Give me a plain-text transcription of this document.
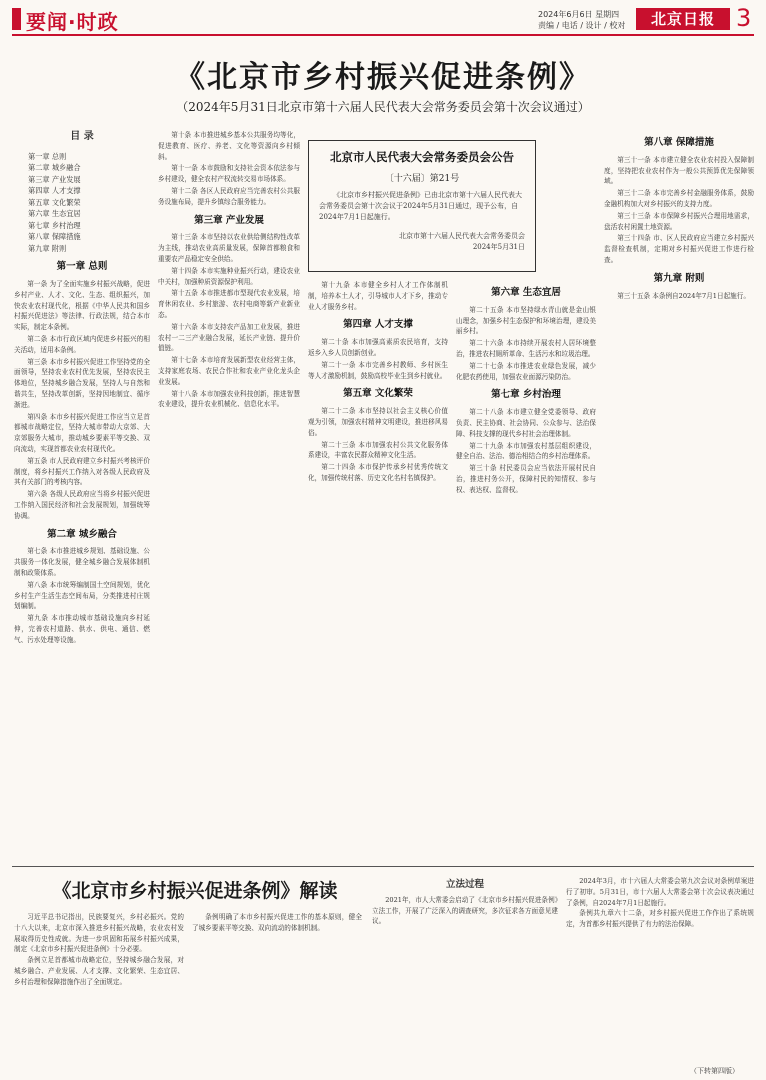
要闻·时政	2024年6月6日 星期四
责编 / 电话 / 设计 / 校对	北京日报 3
《北京市乡村振兴促进条例》
（2024年5月31日北京市第十六届人民代表大会常务委员会第十次会议通过）
目 录
第一章 总则
第二章 城乡融合
第三章 产业发展
第四章 人才支撑
第五章 文化繁荣
第六章 生态宜居
第七章 乡村治理
第八章 保障措施
第九章 附则
第一章 总则

第一条 为了全面实施乡村振兴战略，促进乡村产业、人才、文化、生态、组织振兴，加快农业农村现代化，根据《中华人民共和国乡村振兴促进法》等法律、行政法规，结合本市实际，制定本条例。

第二条 本市行政区域内促进乡村振兴的相关活动，适用本条例。

第三条 本市乡村振兴促进工作坚持党的全面领导，坚持农业农村优先发展，坚持农民主体地位，坚持城乡融合发展，坚持人与自然和谐共生，坚持改革创新，坚持因地制宜、循序渐进。

第四条 本市乡村振兴促进工作应当立足首都城市战略定位，坚持大城市带动大京郊、大京郊服务大城市，推动城乡要素平等交换、双向流动，实现首都农业农村现代化。

第五条 市人民政府建立乡村振兴考核评价制度，将乡村振兴工作纳入对各级人民政府及其有关部门的考核内容。

第六条 各级人民政府应当将乡村振兴促进工作纳入国民经济和社会发展规划，加强统筹协调。

第二章 城乡融合

第七条 本市推进城乡规划、基础设施、公共服务一体化发展，健全城乡融合发展体制机制和政策体系。

第八条 本市统筹编制国土空间规划，优化乡村生产生活生态空间布局，分类推进村庄规划编制。

第九条 本市推动城市基础设施向乡村延伸，完善农村道路、供水、供电、通信、燃气、污水处理等设施。

第十条 本市推进城乡基本公共服务均等化，促进教育、医疗、养老、文化等资源向乡村倾斜。

第十一条 本市鼓励和支持社会资本依法参与乡村建设，健全农村产权流转交易市场体系。

第十二条 各区人民政府应当完善农村公共服务设施布局，提升乡镇综合服务能力。

第三章 产业发展

第十三条 本市坚持以农业供给侧结构性改革为主线，推动农业高质量发展，保障首都粮食和重要农产品稳定安全供给。

第十四条 本市实施种业振兴行动，建设农业中关村，加强种质资源保护利用。

第十五条 本市推进都市型现代农业发展，培育休闲农业、乡村旅游、农村电商等新产业新业态。

第十六条 本市支持农产品加工业发展，推进农村一二三产业融合发展，延长产业链、提升价值链。

第十七条 本市培育发展新型农业经营主体，支持家庭农场、农民合作社和农业产业化龙头企业发展。

第十八条 本市加强农业科技创新，推进智慧农业建设，提升农业机械化、信息化水平。

北京市人民代表大会常务委员会公告
〔十六届〕第21号
《北京市乡村振兴促进条例》已由北京市第十六届人民代表大会常务委员会第十次会议于2024年5月31日通过，现予公布，自2024年7月1日起施行。
北京市第十六届人民代表大会常务委员会
2024年5月31日

第十九条 本市健全乡村人才工作体制机制，培养本土人才，引导城市人才下乡，推动专业人才服务乡村。

第四章 人才支撑

第二十条 本市加强高素质农民培育，支持返乡入乡人员创新创业。

第二十一条 本市完善乡村教师、乡村医生等人才激励机制，鼓励高校毕业生到乡村就业。

第五章 文化繁荣

第二十二条 本市坚持以社会主义核心价值观为引领，加强农村精神文明建设，推进移风易俗。

第二十三条 本市加强农村公共文化服务体系建设，丰富农民群众精神文化生活。

第二十四条 本市保护传承乡村优秀传统文化，加强传统村落、历史文化名村名镇保护。

第六章 生态宜居

第二十五条 本市坚持绿水青山就是金山银山理念，加强乡村生态保护和环境治理，建设美丽乡村。

第二十六条 本市持续开展农村人居环境整治，推进农村厕所革命、生活污水和垃圾治理。

第二十七条 本市推进农业绿色发展，减少化肥农药使用，加强农业面源污染防治。

第七章 乡村治理

第二十八条 本市建立健全党委领导、政府负责、民主协商、社会协同、公众参与、法治保障、科技支撑的现代乡村社会治理体制。

第二十九条 本市加强农村基层组织建设，健全自治、法治、德治相结合的乡村治理体系。

第三十条 村民委员会应当依法开展村民自治，推进村务公开，保障村民的知情权、参与权、表达权、监督权。

第八章 保障措施

第三十一条 本市建立健全农业农村投入保障制度，坚持把农业农村作为一般公共预算优先保障领域。

第三十二条 本市完善乡村金融服务体系，鼓励金融机构加大对乡村振兴的支持力度。

第三十三条 本市保障乡村振兴合理用地需求，盘活农村闲置土地资源。

第三十四条 市、区人民政府应当建立乡村振兴监督检查机制，定期对乡村振兴促进工作进行检查。

第九章 附则

第三十五条 本条例自2024年7月1日起施行。

《北京市乡村振兴促进条例》解读

习近平总书记指出，民族要复兴，乡村必振兴。党的十八大以来，北京市深入推进乡村振兴战略，农业农村发展取得历史性成就。为进一步巩固和拓展乡村振兴成果，制定《北京市乡村振兴促进条例》十分必要。

条例立足首都城市战略定位，坚持城乡融合发展，对城乡融合、产业发展、人才支撑、文化繁荣、生态宜居、乡村治理和保障措施作出了全面规定。

条例明确了本市乡村振兴促进工作的基本原则，健全了城乡要素平等交换、双向流动的体制机制。

立法过程

2021年，市人大常委会启动了《北京市乡村振兴促进条例》立法工作，开展了广泛深入的调查研究，多次征求各方面意见建议。

2024年3月，市十六届人大常委会第九次会议对条例草案进行了初审。5月31日，市十六届人大常委会第十次会议表决通过了条例，自2024年7月1日起施行。

条例共九章六十二条，对乡村振兴促进工作作出了系统规定，为首都乡村振兴提供了有力的法治保障。

（下转第四版）
